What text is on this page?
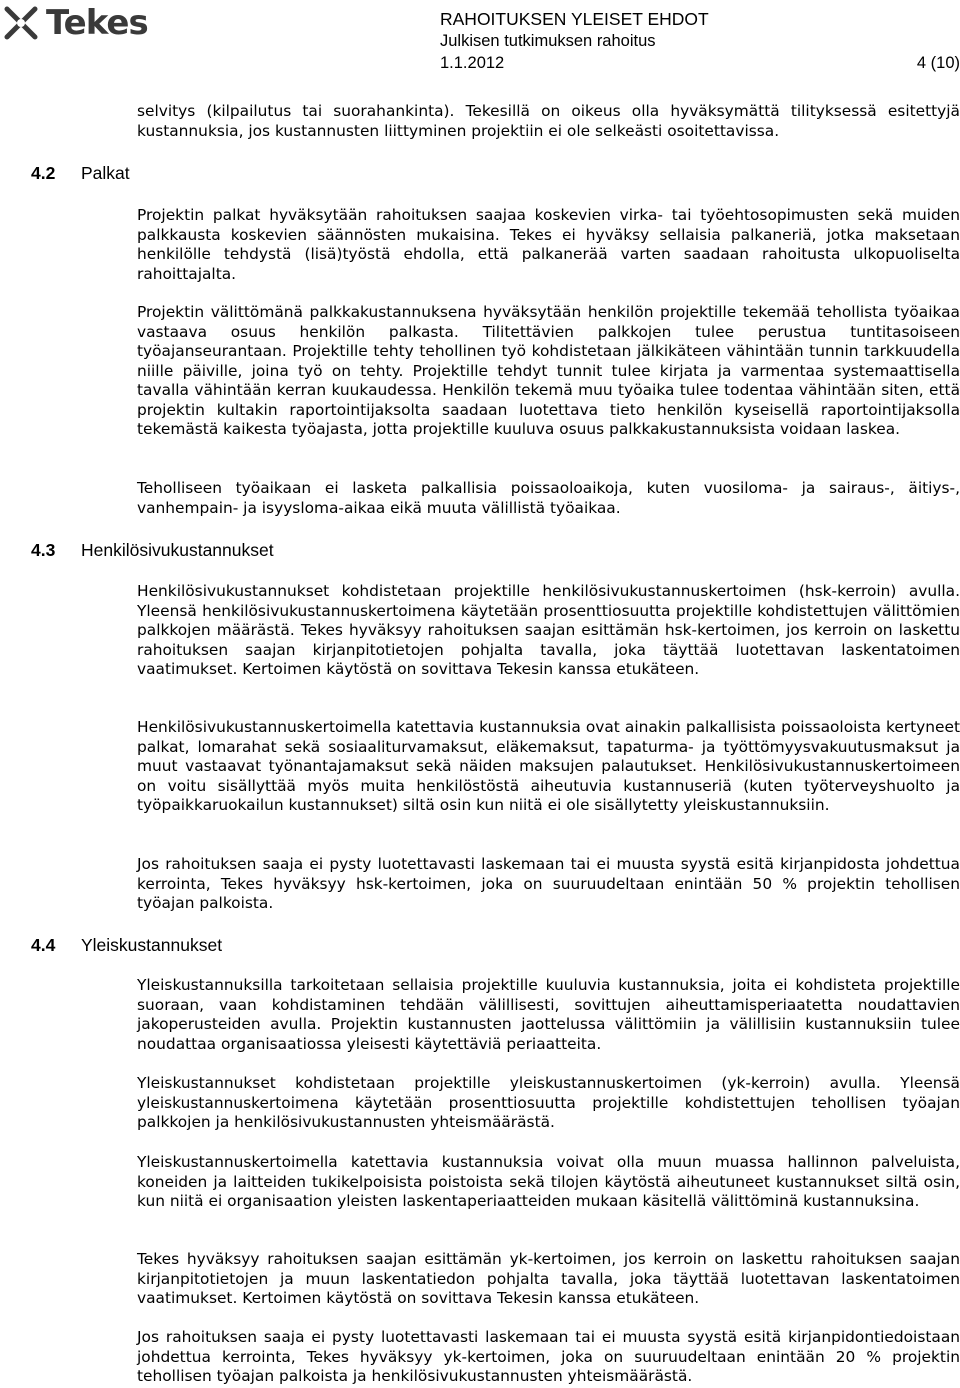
Tekes	RAHOITUKSEN YLEISET EHDOT
Julkisen tutkimuksen rahoitus
1.1.2012	4 (10)

selvitys (kilpailutus tai suorahankinta). Tekesillä on oikeus olla hyväksymättä tilityksessä esitettyjä kustannuksia, jos kustannusten liittyminen projektiin ei ole selkeästi osoitettavissa.

4.2 Palkat

Projektin palkat hyväksytään rahoituksen saajaa koskevien virka- tai työehtosopimusten sekä muiden palkkausta koskevien säännösten mukaisina. Tekes ei hyväksy sellaisia palkaneriä, jotka maksetaan henkilölle tehdystä (lisä)työstä ehdolla, että palkanerää varten saadaan rahoitusta ulkopuoliselta rahoittajalta.

Projektin välittömänä palkkakustannuksena hyväksytään henkilön projektille tekemää tehollista työaikaa vastaava osuus henkilön palkasta. Tilitettävien palkkojen tulee perustua tuntitasoiseen työajanseurantaan. Projektille tehty tehollinen työ kohdistetaan jälkikäteen vähintään tunnin tarkkuudella niille päiville, joina työ on tehty. Projektille tehdyt tunnit tulee kirjata ja varmentaa systemaattisella tavalla vähintään kerran kuukaudessa. Henkilön tekemä muu työaika tulee todentaa vähintään siten, että projektin kultakin raportointijaksolta saadaan luotettava tieto henkilön kyseisellä raportointijaksolla tekemästä kaikesta työajasta, jotta projektille kuuluva osuus palkkakustannuksista voidaan laskea.

Teholliseen työaikaan ei lasketa palkallisia poissaoloaikoja, kuten vuosiloma- ja sairaus-, äitiys-, vanhempain- ja isyysloma-aikaa eikä muuta välillistä työaikaa.

4.3 Henkilösivukustannukset

Henkilösivukustannukset kohdistetaan projektille henkilösivukustannuskertoimen (hsk-kerroin) avulla. Yleensä henkilösivukustannuskertoimena käytetään prosenttiosuutta projektille kohdistettujen välittömien palkkojen määrästä. Tekes hyväksyy rahoituksen saajan esittämän hsk-kertoimen, jos kerroin on laskettu rahoituksen saajan kirjanpitotietojen pohjalta tavalla, joka täyttää luotettavan laskentatoimen vaatimukset. Kertoimen käytöstä on sovittava Tekesin kanssa etukäteen.

Henkilösivukustannuskertoimella katettavia kustannuksia ovat ainakin palkallisista poissaoloista kertyneet palkat, lomarahat sekä sosiaaliturvamaksut, eläkemaksut, tapaturma- ja työttömyysvakuutusmaksut ja muut vastaavat työnantajamaksut sekä näiden maksujen palautukset. Henkilösivukustannuskertoimeen on voitu sisällyttää myös muita henkilöstöstä aiheutuvia kustannuseriä (kuten työterveyshuolto ja työpaikkaruokailun kustannukset) siltä osin kun niitä ei ole sisällytetty yleiskustannuksiin.

Jos rahoituksen saaja ei pysty luotettavasti laskemaan tai ei muusta syystä esitä kirjanpidosta johdettua kerrointa, Tekes hyväksyy hsk-kertoimen, joka on suuruudeltaan enintään 50 % projektin tehollisen työajan palkoista.

4.4 Yleiskustannukset

Yleiskustannuksilla tarkoitetaan sellaisia projektille kuuluvia kustannuksia, joita ei kohdisteta projektille suoraan, vaan kohdistaminen tehdään välillisesti, sovittujen aiheuttamisperiaatetta noudattavien jakoperusteiden avulla. Projektin kustannusten jaottelussa välittömiin ja välillisiin kustannuksiin tulee noudattaa organisaatiossa yleisesti käytettäviä periaatteita.

Yleiskustannukset kohdistetaan projektille yleiskustannuskertoimen (yk-kerroin) avulla. Yleensä yleiskustannuskertoimena käytetään prosenttiosuutta projektille kohdistettujen tehollisen työajan palkkojen ja henkilösivukustannusten yhteismäärästä.

Yleiskustannuskertoimella katettavia kustannuksia voivat olla muun muassa hallinnon palveluista, koneiden ja laitteiden tukikelpoisista poistoista sekä tilojen käytöstä aiheutuneet kustannukset siltä osin, kun niitä ei organisaation yleisten laskentaperiaatteiden mukaan käsitellä välittöminä kustannuksina.

Tekes hyväksyy rahoituksen saajan esittämän yk-kertoimen, jos kerroin on laskettu rahoituksen saajan kirjanpitotietojen ja muun laskentatiedon pohjalta tavalla, joka täyttää luotettavan laskentatoimen vaatimukset. Kertoimen käytöstä on sovittava Tekesin kanssa etukäteen.

Jos rahoituksen saaja ei pysty luotettavasti laskemaan tai ei muusta syystä esitä kirjanpidontiedoistaan johdettua kerrointa, Tekes hyväksyy yk-kertoimen, joka on suuruudeltaan enintään 20 % projektin tehollisen työajan palkoista ja henkilösivukustannusten yhteismäärästä.
